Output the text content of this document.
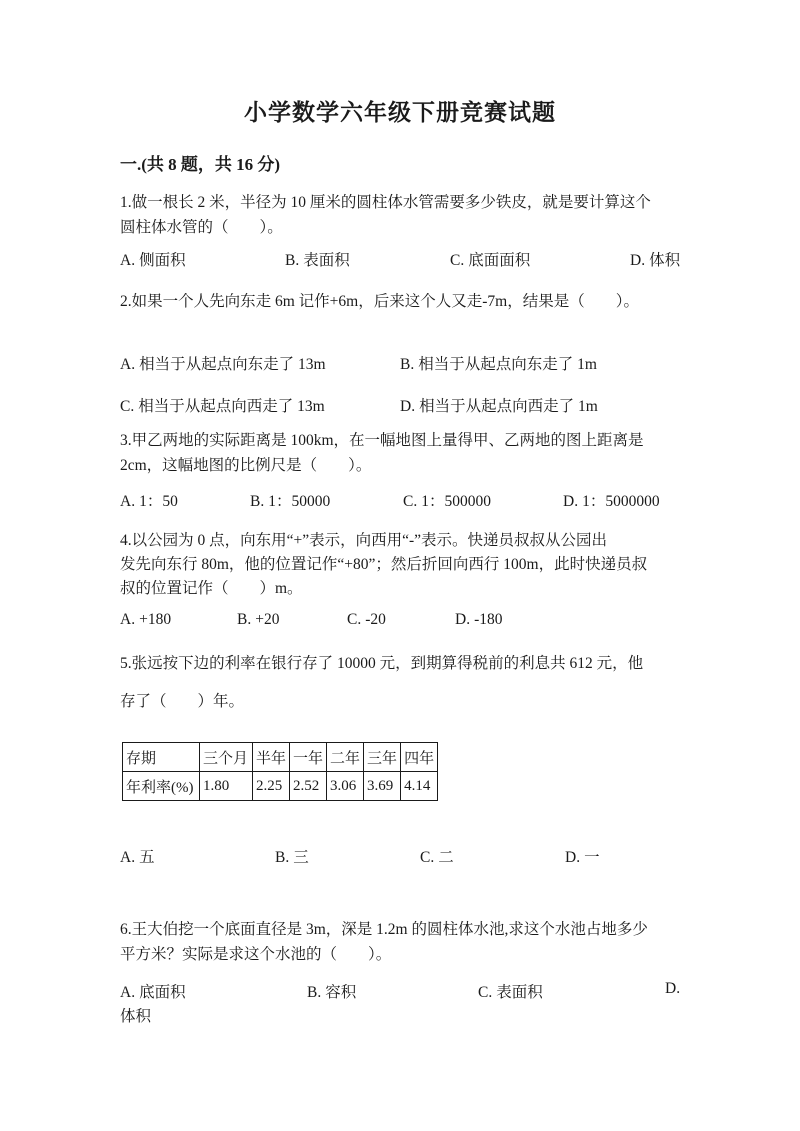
小学数学六年级下册竞赛试题
一.(共 8 题，共 16 分)
1.做一根长 2 米，半径为 10 厘米的圆柱体水管需要多少铁皮，就是要计算这个
圆柱体水管的（　　）。
A. 侧面积	B. 表面积	C. 底面面积	D. 体积
2.如果一个人先向东走 6m 记作+6m，后来这个人又走-7m，结果是（　　）。
A. 相当于从起点向东走了 13m	B. 相当于从起点向东走了 1m
C. 相当于从起点向西走了 13m	D. 相当于从起点向西走了 1m
3.甲乙两地的实际距离是 100km，在一幅地图上量得甲、乙两地的图上距离是
2cm，这幅地图的比例尺是（　　）。
A. 1：50	B. 1：50000	C. 1：500000	D. 1：5000000
4.以公园为 0 点，向东用“+”表示，向西用“-”表示。快递员叔叔从公园出
发先向东行 80m，他的位置记作“+80”；然后折回向西行 100m，此时快递员叔
叔的位置记作（　　）m。
A. +180	B. +20	C. -20	D. -180
5.张远按下边的利率在银行存了 10000 元，到期算得税前的利息共 612 元，他
存了（　　）年。
存期	三个月	半年	一年	二年	三年	四年
年利率(%)	1.80	2.25	2.52	3.06	3.69	4.14
A. 五	B. 三	C. 二	D. 一
6.王大伯挖一个底面直径是 3m，深是 1.2m 的圆柱体水池,求这个水池占地多少
平方米？实际是求这个水池的（　　）。
A. 底面积	B. 容积	C. 表面积	D.
体积
